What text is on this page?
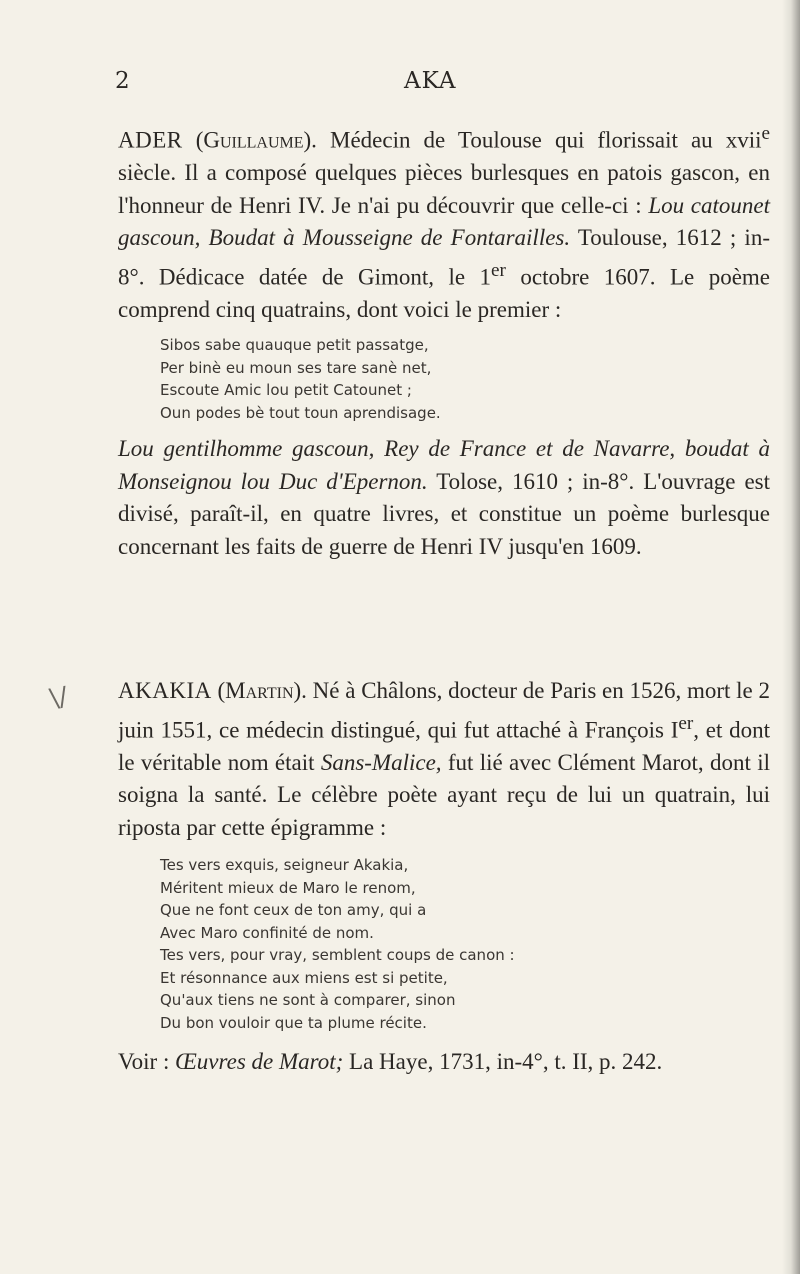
2	AKA

ADER (Guillaume). Médecin de Toulouse qui florissait au xvii$^e$ siècle. Il a composé quelques pièces burlesques en patois gascon, en l'honneur de Henri IV. Je n'ai pu découvrir que celle-ci : Lou catounet gascoun, Boudat à Mousseigne de Fontarailles. Toulouse, 1612 ; in-8°. Dédicace datée de Gimont, le 1er octobre 1607. Le poème comprend cinq quatrains, dont voici le premier :

Sibos sabe quauque petit passatge,
Per binè eu moun ses tare sanè net,
Escoute Amic lou petit Catounet ;
Oun podes bè tout toun aprendisage.

Lou gentilhomme gascoun, Rey de France et de Navarre, boudat à Monseignou lou Duc d'Epernon. Tolose, 1610 ; in-8°. L'ouvrage est divisé, paraît-il, en quatre livres, et constitue un poème burlesque concernant les faits de guerre de Henri IV jusqu'en 1609.

\/ AKAKIA (Martin). Né à Châlons, docteur de Paris en 1526, mort le 2 juin 1551, ce médecin distingué, qui fut attaché à François Ier, et dont le véritable nom était Sans-Malice, fut lié avec Clément Marot, dont il soigna la santé. Le célèbre poète ayant reçu de lui un quatrain, lui riposta par cette épigramme :

Tes vers exquis, seigneur Akakia,
Méritent mieux de Maro le renom,
Que ne font ceux de ton amy, qui a
Avec Maro confinité de nom.
Tes vers, pour vray, semblent coups de canon :
Et résonnance aux miens est si petite,
Qu'aux tiens ne sont à comparer, sinon
Du bon vouloir que ta plume récite.

Voir : Œuvres de Marot; La Haye, 1731, in-4°, t. II, p. 242.
